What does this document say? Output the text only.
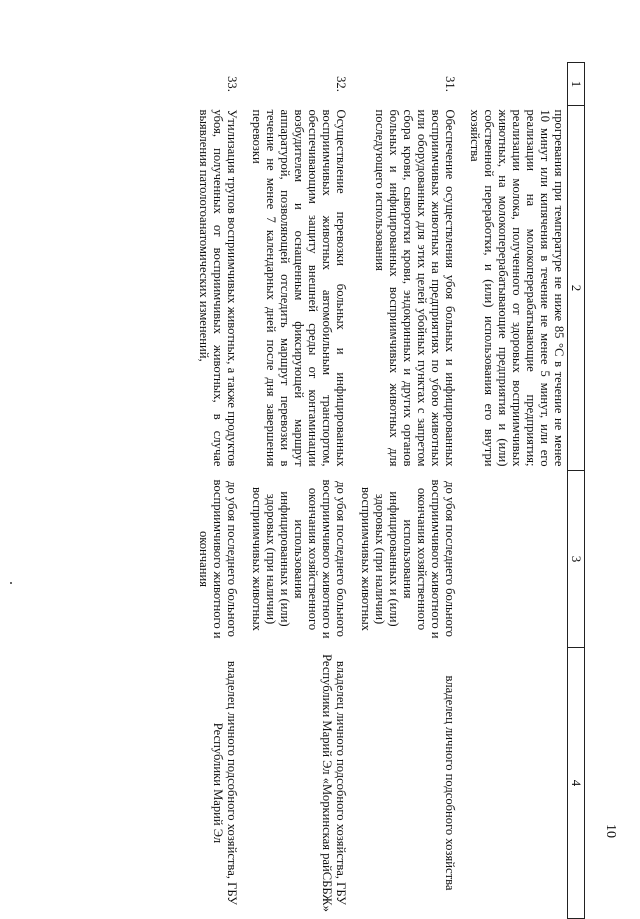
10
1	2	3	4
	прогревания при температуре не ниже 85 °С в течение не менее 10 минут или кипячения в течение не менее 5 минут, или его реализации на молокоперерабатывающие предприятия; реализации молока, полученного от здоровых восприимчивых животных, на молокоперерабатывающие предприятия и (или) собственной переработки, и (или) использования его внутри хозяйства		
31.	Обеспечение осуществления убоя больных и инфицированных восприимчивых животных на предприятиях по убою животных или оборудованных для этих целей убойных пунктах с запретом сбора крови, сыворотки крови, эндокринных и других органов больных и инфицированных восприимчивых животных для последующего использования	до убоя последнего больного восприимчивого животного и окончания хозяйственного использования инфицированных и (или) здоровых (при наличии) восприимчивых животных	владелец личного подсобного хозяйства
32.	Осуществление перевозки больных и инфицированных восприимчивых животных автомобильным транспортом, обеспечивающим защиту внешней среды от контаминации возбудителем и оснащенным фиксирующей маршрут аппаратурой, позволяющей отследить маршрут перевозки в течение не менее 7 календарных дней после дня завершения перевозки	до убоя последнего больного восприимчивого животного и окончания хозяйственного использования инфицированных и (или) здоровых (при наличии) восприимчивых животных	владелец личного подсобного хозяйства, ГБУ Республики Марий Эл «Моркинская райСББЖ»
33.	Утилизация трупов восприимчивых животных, а также продуктов убоя, полученных от восприимчивых животных, в случае выявления патологоанатомических изменений,	до убоя последнего больного восприимчивого животного и окончания	владелец личного подсобного хозяйства, ГБУ Республики Марий Эл
